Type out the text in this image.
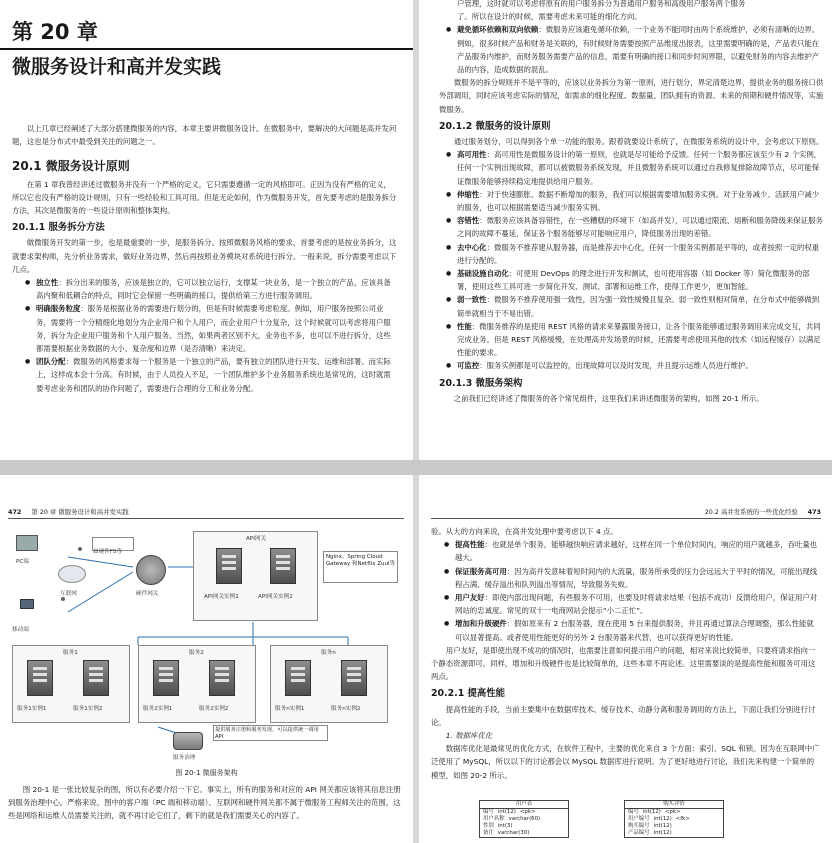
第 20 章
微服务设计和高并发实践

以上几章已经阐述了大部分搭建微服务的内容，本章主要讲微服务设计。在微服务中，要解决的大问题是高并发问题，这也是分布式中最受到关注的问题之一。

20.1 微服务设计原则

在第 1 章我曾经讲述过微服务并没有一个严格的定义，它只需要遵循一定的风格即可。正因为没有严格的定义，所以它也没有严格的设计规则，只有一些经验和工具可用。但是无论如何，作为微服务开发，首先要考虑的是服务拆分方法，其次是微服务的一些设计原则和整体架构。

20.1.1 服务拆分方法

做微服务开发的第一步，也是最重要的一步，是服务拆分。按照微服务风格的要求，首要考虑的是按业务拆分，这就要求架构师，先分析业务需求，做好业务边界，然后再按照业务模块对系统进行拆分。一般来说，拆分需要考虑以下几点。

● 独立性：拆分出来的服务，应该是独立的，它可以独立运行，支撑某一块业务，是一个独立的产品，应该具备高内聚和低耦合的特点，同时它会保留一些明确的接口，提供给第三方进行服务调用。
● 明确服务粒度：服务是根据业务的需要进行划分的，但是有时候需要考虑粒度。例如，用户服务按照公司业务，需要将一个分精细化地划分为企业用户和个人用户，而企业用户十分复杂，这个时候就可以考虑将用户服务，拆分为企业用户服务和个人用户服务。当然，如果两者区别不大，业务也不多，也可以不进行拆分，这些都需要根据业务数据的大小、复杂度和边界（是否清晰）来决定。
● 团队分配：微服务的风格要求每一个服务是一个独立的产品，要有独立的团队进行开发、运维和部署。而实际上，这样成本会十分高。有时候，由于人员投入不足，一个团队维护多个业务服务系统也是常见的，这时就需要考虑业务和团队的协作问题了，需要进行合理的分工和业务分配。

户管理，这时就可以考虑将原有的用户服务拆分为普通用户服务和高级用户服务两个服务

了。所以在设计的时候，需要考虑未来可能的细化方向。

● 避免循环依赖和双向依赖：微服务应该避免循环依赖，一个业务不能同时由两个系统维护，必须有清晰的边界。例如，很多时候产品和财务是关联的，有时候财务需要按照产品维度出报表，这里需要明确的是，产品表只能在产品服务内维护，而财务服务需要产品的信息，需要有明确的接口和同步时间界限，以避免财务的内容去维护产品的内容，造成数据的混乱。

微服务的拆分规则并不是平等的，应该以业务拆分为第一原则，进行划分，界定清楚边界，提供业务的服务接口供外部调用，同时应该考虑实际的情况，如需求的细化程度、数据量、团队拥有的资源、未来的预期和硬件情况等，实施微服务。

20.1.2 微服务的设计原则

通过服务划分，可以得到各个单一功能的服务。跟着就要设计系统了，在微服务系统的设计中，会考虑以下原则。

● 高可用性：高可用性是微服务设计的第一原则，也就是尽可能给予反馈。任何一个服务都应该至少有 2 个实例，任何一个实例出现故障，都可以被微服务系统发现，并且微服务系统可以通过自我修复排除故障节点，尽可能保证微服务能够持续稳定地提供给用户服务。
● 伸缩性：对于快速膨胀、数据不断增加的服务，我们可以根据需要增加服务实例。对于业务减少、活跃用户减少的服务，也可以根据需要适当减少服务实例。
● 容错性：微服务应该具备容错性，在一些糟糕的环境下（如高并发），可以通过限流、熔断和服务降级来保证服务之间的故障不蔓延，保证各个服务能够尽可能响应用户，降低服务出现的差错。
● 去中心化：微服务不推荐建从服务器，而是推荐去中心化，任何一个服务实例都是平等的，或者按照一定的权重进行分配的。
● 基础设施自动化：可使用 DevOps 的理念进行开发和测试，也可使用容器（如 Docker 等）简化微服务的部署，使用这些工具可进一步简化开发、测试、部署和运维工作，使得工作更少，更加智能。
● 弱一致性：微服务不推荐使用强一致性，因为强一致性缓慢且复杂。弱一致性则相对简单，在分布式中能够做到简单就相当于不易出错。
● 性能：微服务推荐的是使用 REST 风格的请求来暴露服务接口，让各个服务能够通过服务调用来完成交互，共同完成业务。但是 REST 风格缓慢，在处理高并发场景的时候，还需要考虑使用其他的技术（如远程缓存）以满足性能的要求。
● 可监控：服务实例都是可以监控的，出现故障可以及时发现，并且提示运维人员进行维护。
20.1.3 微服务架构

之前我们已经讲述了微服务的各个常见组件，这里我们来讲述微服务的架构，如图 20-1 所示。

472 第 20 章 微服务设计和高并发实践
PC端
移动端
互联网
如硬件F5等
硬件网关
API网关
API网关实例1	API网关实例2
Nginx、Spring Cloud Gateway 和Netflix Zuul等
服务1
服务1实例1	服务1实例2
服务2
服务2实例1	服务2实例2
服务n
服务n实例1	服务n实例2
提供服务注册和服务发现，可以提供统一调用API
服务治理
图 20-1 微服务架构

图 20-1 是一张比较复杂的图，所以有必要介绍一下它。事实上，所有的服务和对应的 API 网关都应该将其信息注册到服务治理中心。严格来说，图中的客户端（PC 端和移动端）、互联网和硬件网关都不属于微服务工程师关注的范围，这些是网络和运维人员需要关注的，就不再讨论它们了，剩下的就是我们需要关心的内容了。

20.2 高并发系统的一些优化经验 473

验。从大的方向来说，在高并发处理中要考虑以下 4 点。

● 提高性能：也就是单个服务，能够越快响应请求越好，这样在同一个单位时间内，响应的用户就越多，吞吐量也越大。
● 保证服务高可用：因为高并发意味着短时间内的大流量，服务所承受的压力会远远大于平时的情况，可能出现线程占满、缓存溢出和队列溢出等情况，导致服务失败。
● 用户友好：即使内部出现问题，有些服务不可用，也要及时将请求结果（包括不成功）反馈给用户，保证用户对网站的忠诚度。常见的双十一电商网站会提示“小二正忙”。
● 增加和升级硬件：假如原来有 2 台服务器，现在使用 5 台来提供服务，并且再通过算法合理调整，那么性能就可以显著提高。或者使用性能更好的另外 2 台服务器来代替，也可以获得更好的性能。

用户友好，是即使出现不成功的情况时，也需要注意如何提示用户的问题，相对来说比较简单，只要将请求指向一个静态资源即可。同样，增加和升级硬件也是比较简单的，这些本章不再论述。这里需要谈的是提高性能和服务可用这两点。

20.2.1 提高性能

提高性能的手段，当前主要集中在数据库技术、缓存技术、动静分离和服务调用的方法上，下面让我们分别进行讨论。

1. 数据库优化

数据库优化是最常见的优化方式，在软件工程中，主要的优化来自 3 个方面：索引、SQL 和锁。因为在互联网中广泛使用了 MySQL，所以以下的讨论都会以 MySQL 数据库进行说明。为了更好地进行讨论，我们先来构建一个简单的模型，如图 20-2 所示。

用户表
编号 int(12) <pk>
用户名称 varchar(60)
性别 int(3)
备注 varchar(30)
购买详情
编号 int(12) <pk>
用户编号 int(12) <fk>
购买编号 int(12)
产品编号 int(12)
